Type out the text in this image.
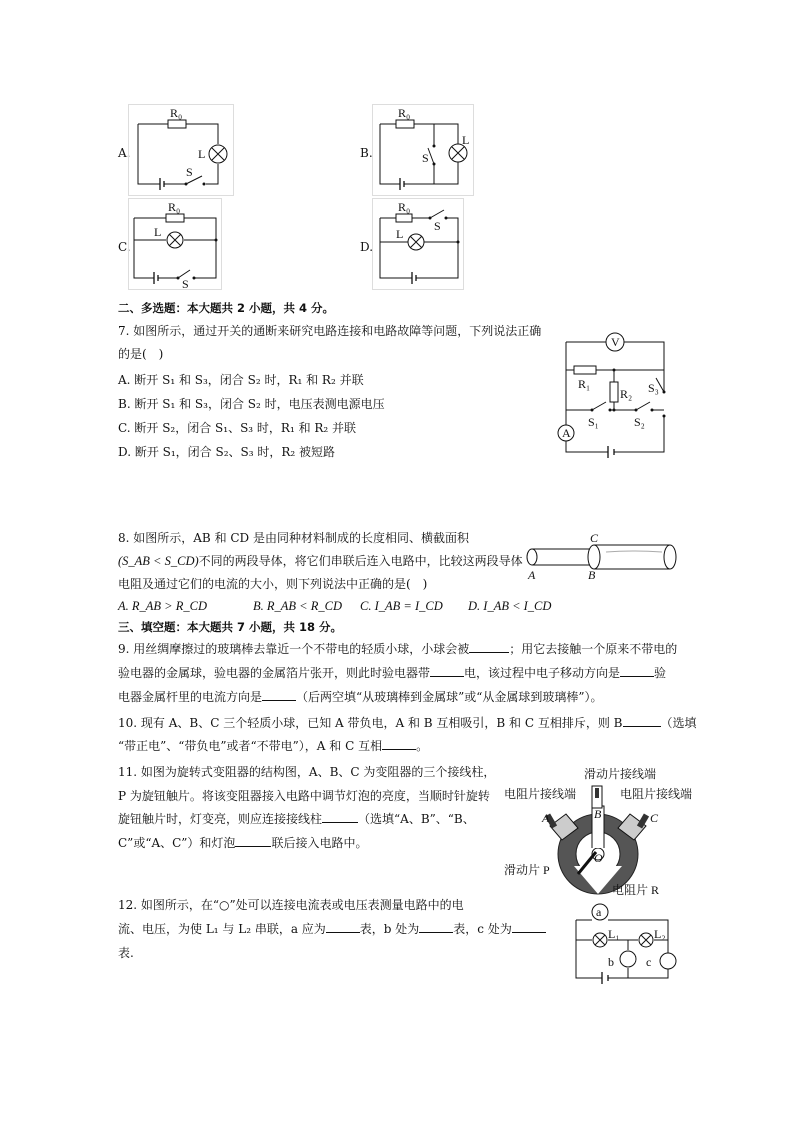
A.
R₀
L
S
B.
R₀
L
S
C.
R₀
L
S
D.
R₀
L
S
二、多选题：本大题共 2 小题，共 4 分。
7. 如图所示，通过开关的通断来研究电路连接和电路故障等问题，下列说法正确
的是(　)
A. 断开 S₁ 和 S₃，闭合 S₂ 时，R₁ 和 R₂ 并联
B. 断开 S₁ 和 S₃，闭合 S₂ 时，电压表测电源电压
C. 断开 S₂，闭合 S₁、S₃ 时，R₁ 和 R₂ 并联
D. 断开 S₁，闭合 S₂、S₃ 时，R₂ 被短路
V
A
R₁
R₂
S₁	S₂
S₃
8. 如图所示，AB 和 CD 是由同种材料制成的长度相同、横截面积
(S_AB < S_CD)不同的两段导体，将它们串联后连入电路中，比较这两段导体
电阻及通过它们的电流的大小，则下列说法中正确的是(　)
A. R_AB > R_CD	B. R_AB < R_CD C. I_AB = I_CD D. I_AB < I_CD
A	B
C
三、填空题：本大题共 7 小题，共 18 分。
9. 用丝绸摩擦过的玻璃棒去靠近一个不带电的轻质小球，小球会被	；用它去接触一个原来不带电的
验电器的金属球，验电器的金属箔片张开，则此时验电器带	电，该过程中电子移动方向是	验
电器金属杆里的电流方向是	（后两空填“从玻璃棒到金属球”或“从金属球到玻璃棒”）。
10. 现有 A、B、C 三个轻质小球，已知 A 带负电，A 和 B 互相吸引，B 和 C 互相排斥，则 B	（选填
“带正电”、“带负电”或者“不带电”），A 和 C 互相	。
11. 如图为旋转式变阻器的结构图，A、B、C 为变阻器的三个接线柱，
P 为旋钮触片。将该变阻器接入电路中调节灯泡的亮度，当顺时针旋转
旋钮触片时，灯变亮，则应连接接线柱	（选填“A、B”、“B、
C”或“A、C”）和灯泡	联后接入电路中。
滑动片接线端
电阻片接线端	电阻片接线端
A	B	C
O
滑动片 P
电阻片 R
12. 如图所示，在“○”处可以连接电流表或电压表测量电路中的电
流、电压，为使 L₁ 与 L₂ 串联，a 应为	表，b 处为	表，c 处为
表.
a
L₁	L₂
b	c
